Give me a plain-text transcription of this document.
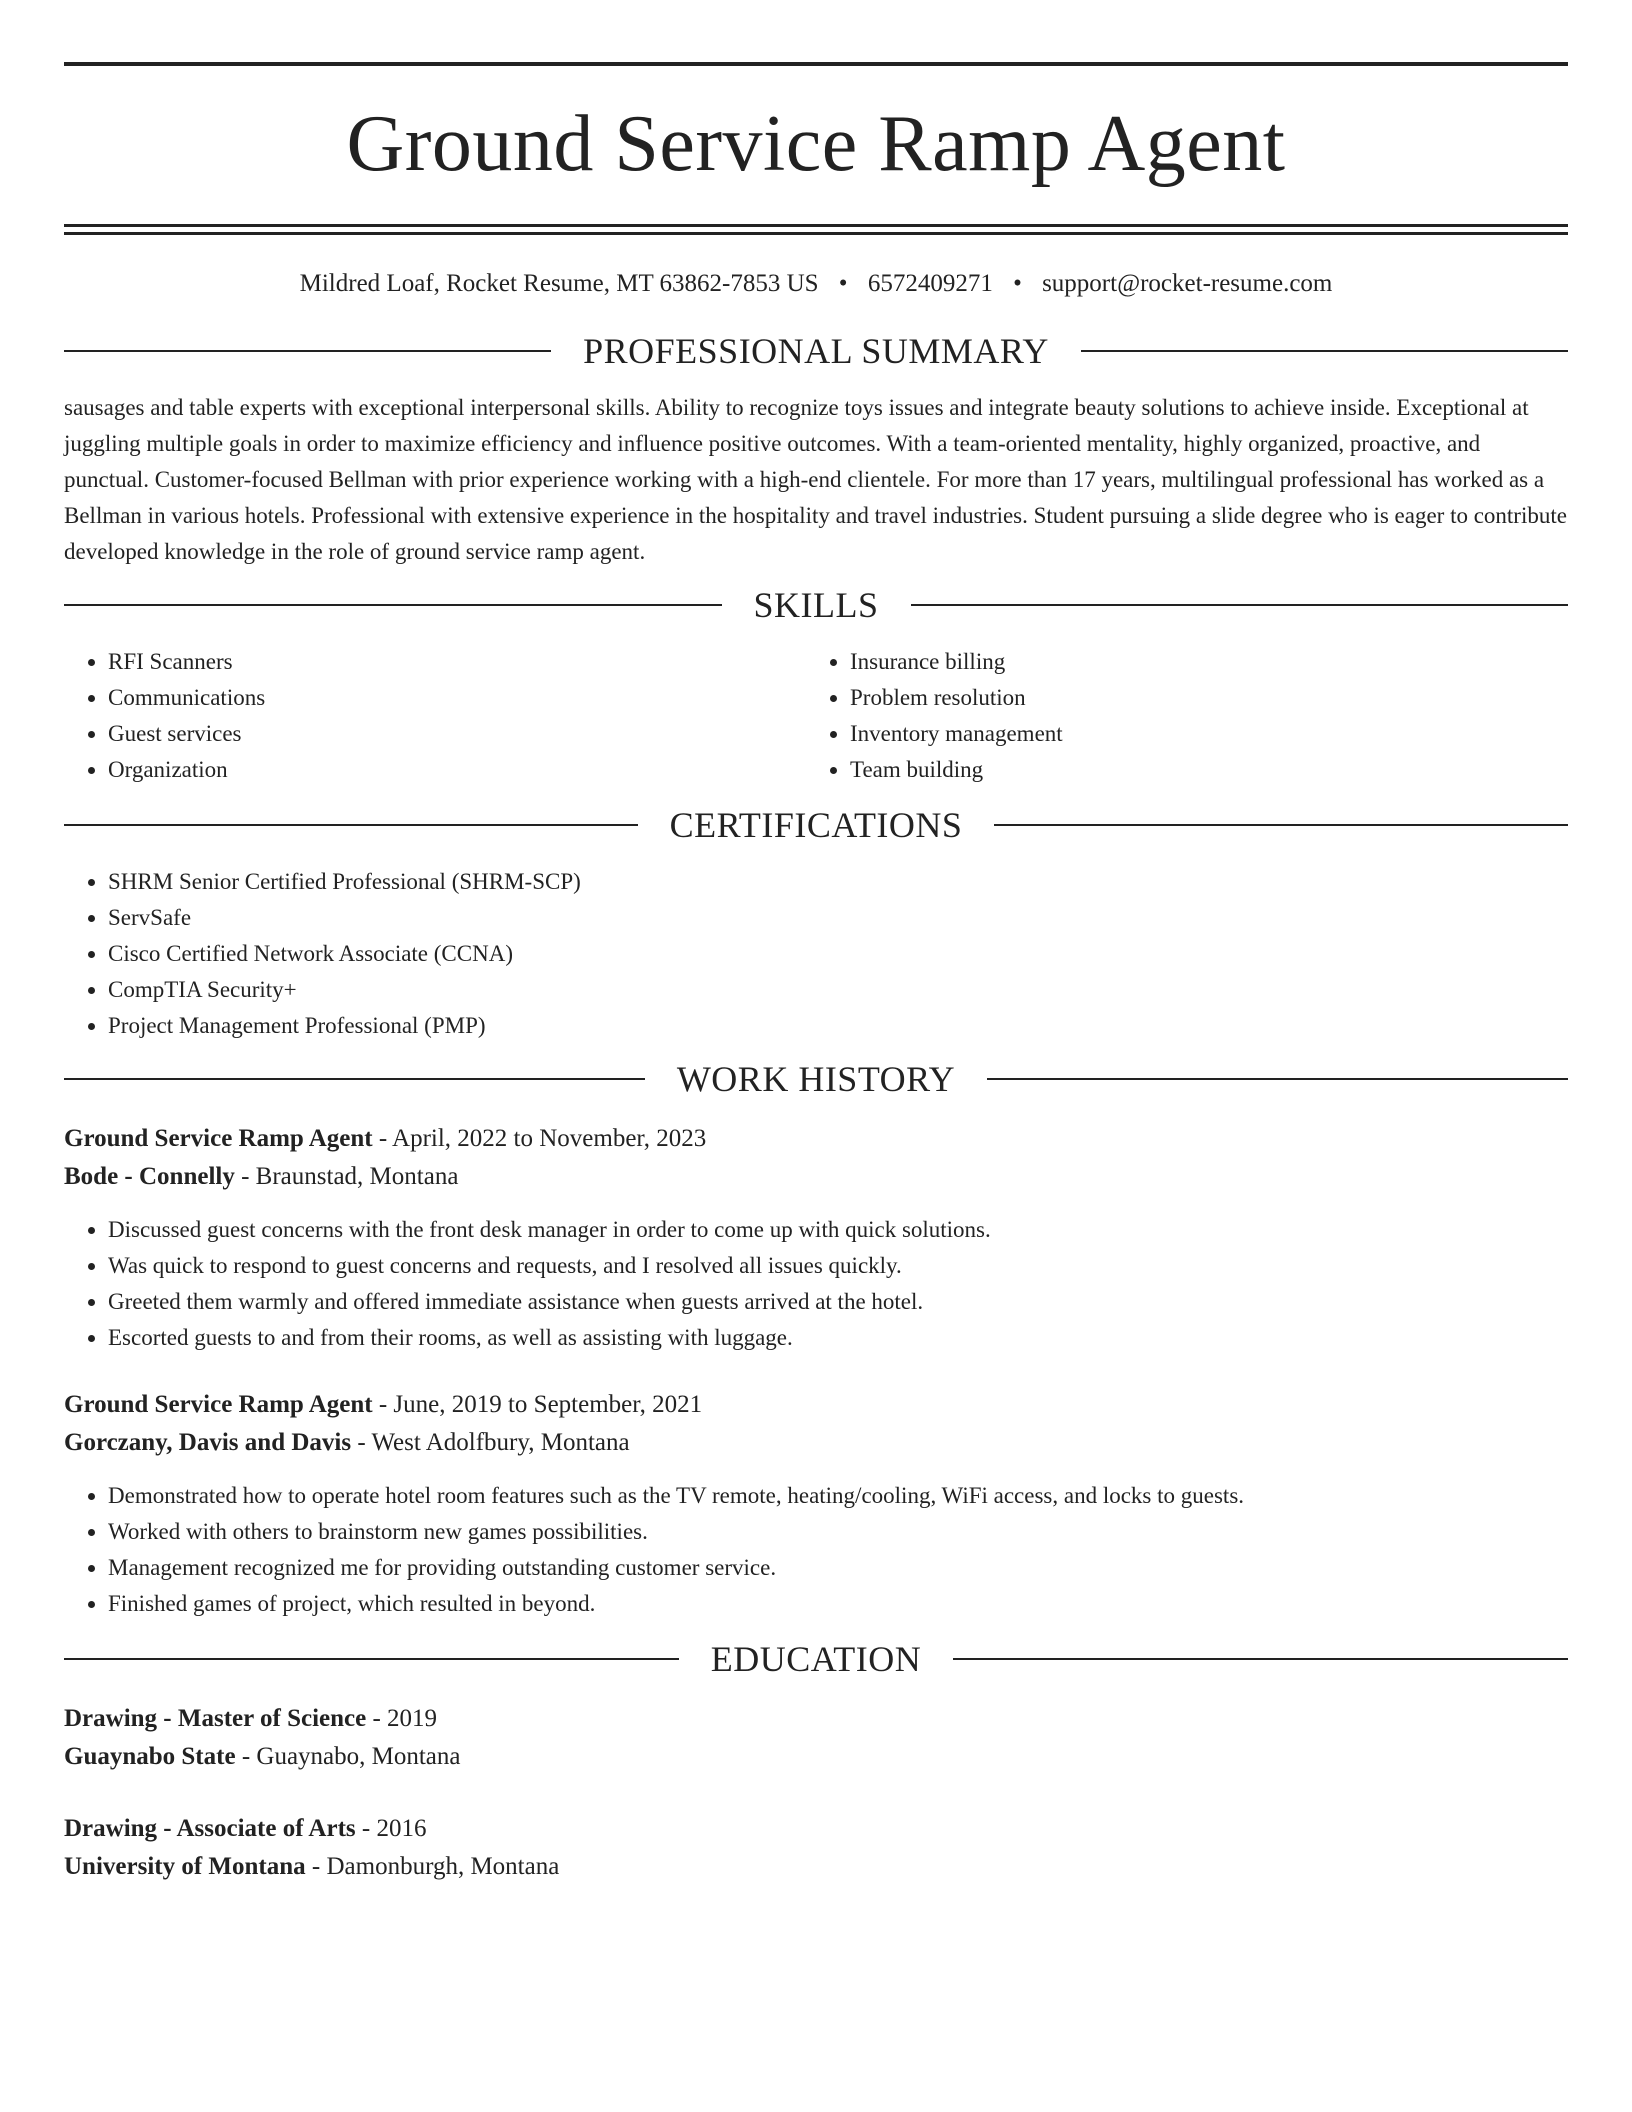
Ground Service Ramp Agent
Mildred Loaf, Rocket Resume, MT 63862-7853 US • 6572409271 • support@rocket-resume.com
PROFESSIONAL SUMMARY
sausages and table experts with exceptional interpersonal skills. Ability to recognize toys issues and integrate beauty solutions to achieve inside. Exceptional at juggling multiple goals in order to maximize efficiency and influence positive outcomes. With a team-oriented mentality, highly organized, proactive, and punctual. Customer-focused Bellman with prior experience working with a high-end clientele. For more than 17 years, multilingual professional has worked as a Bellman in various hotels. Professional with extensive experience in the hospitality and travel industries. Student pursuing a slide degree who is eager to contribute developed knowledge in the role of ground service ramp agent.
SKILLS
• RFI Scanners
• Communications
• Guest services
• Organization
• Insurance billing
• Problem resolution
• Inventory management
• Team building
CERTIFICATIONS
• SHRM Senior Certified Professional (SHRM-SCP)
• ServSafe
• Cisco Certified Network Associate (CCNA)
• CompTIA Security+
• Project Management Professional (PMP)
WORK HISTORY
Ground Service Ramp Agent - April, 2022 to November, 2023
Bode - Connelly - Braunstad, Montana
• Discussed guest concerns with the front desk manager in order to come up with quick solutions.
• Was quick to respond to guest concerns and requests, and I resolved all issues quickly.
• Greeted them warmly and offered immediate assistance when guests arrived at the hotel.
• Escorted guests to and from their rooms, as well as assisting with luggage.
Ground Service Ramp Agent - June, 2019 to September, 2021
Gorczany, Davis and Davis - West Adolfbury, Montana
• Demonstrated how to operate hotel room features such as the TV remote, heating/cooling, WiFi access, and locks to guests.
• Worked with others to brainstorm new games possibilities.
• Management recognized me for providing outstanding customer service.
• Finished games of project, which resulted in beyond.
EDUCATION
Drawing - Master of Science - 2019
Guaynabo State - Guaynabo, Montana
Drawing - Associate of Arts - 2016
University of Montana - Damonburgh, Montana
